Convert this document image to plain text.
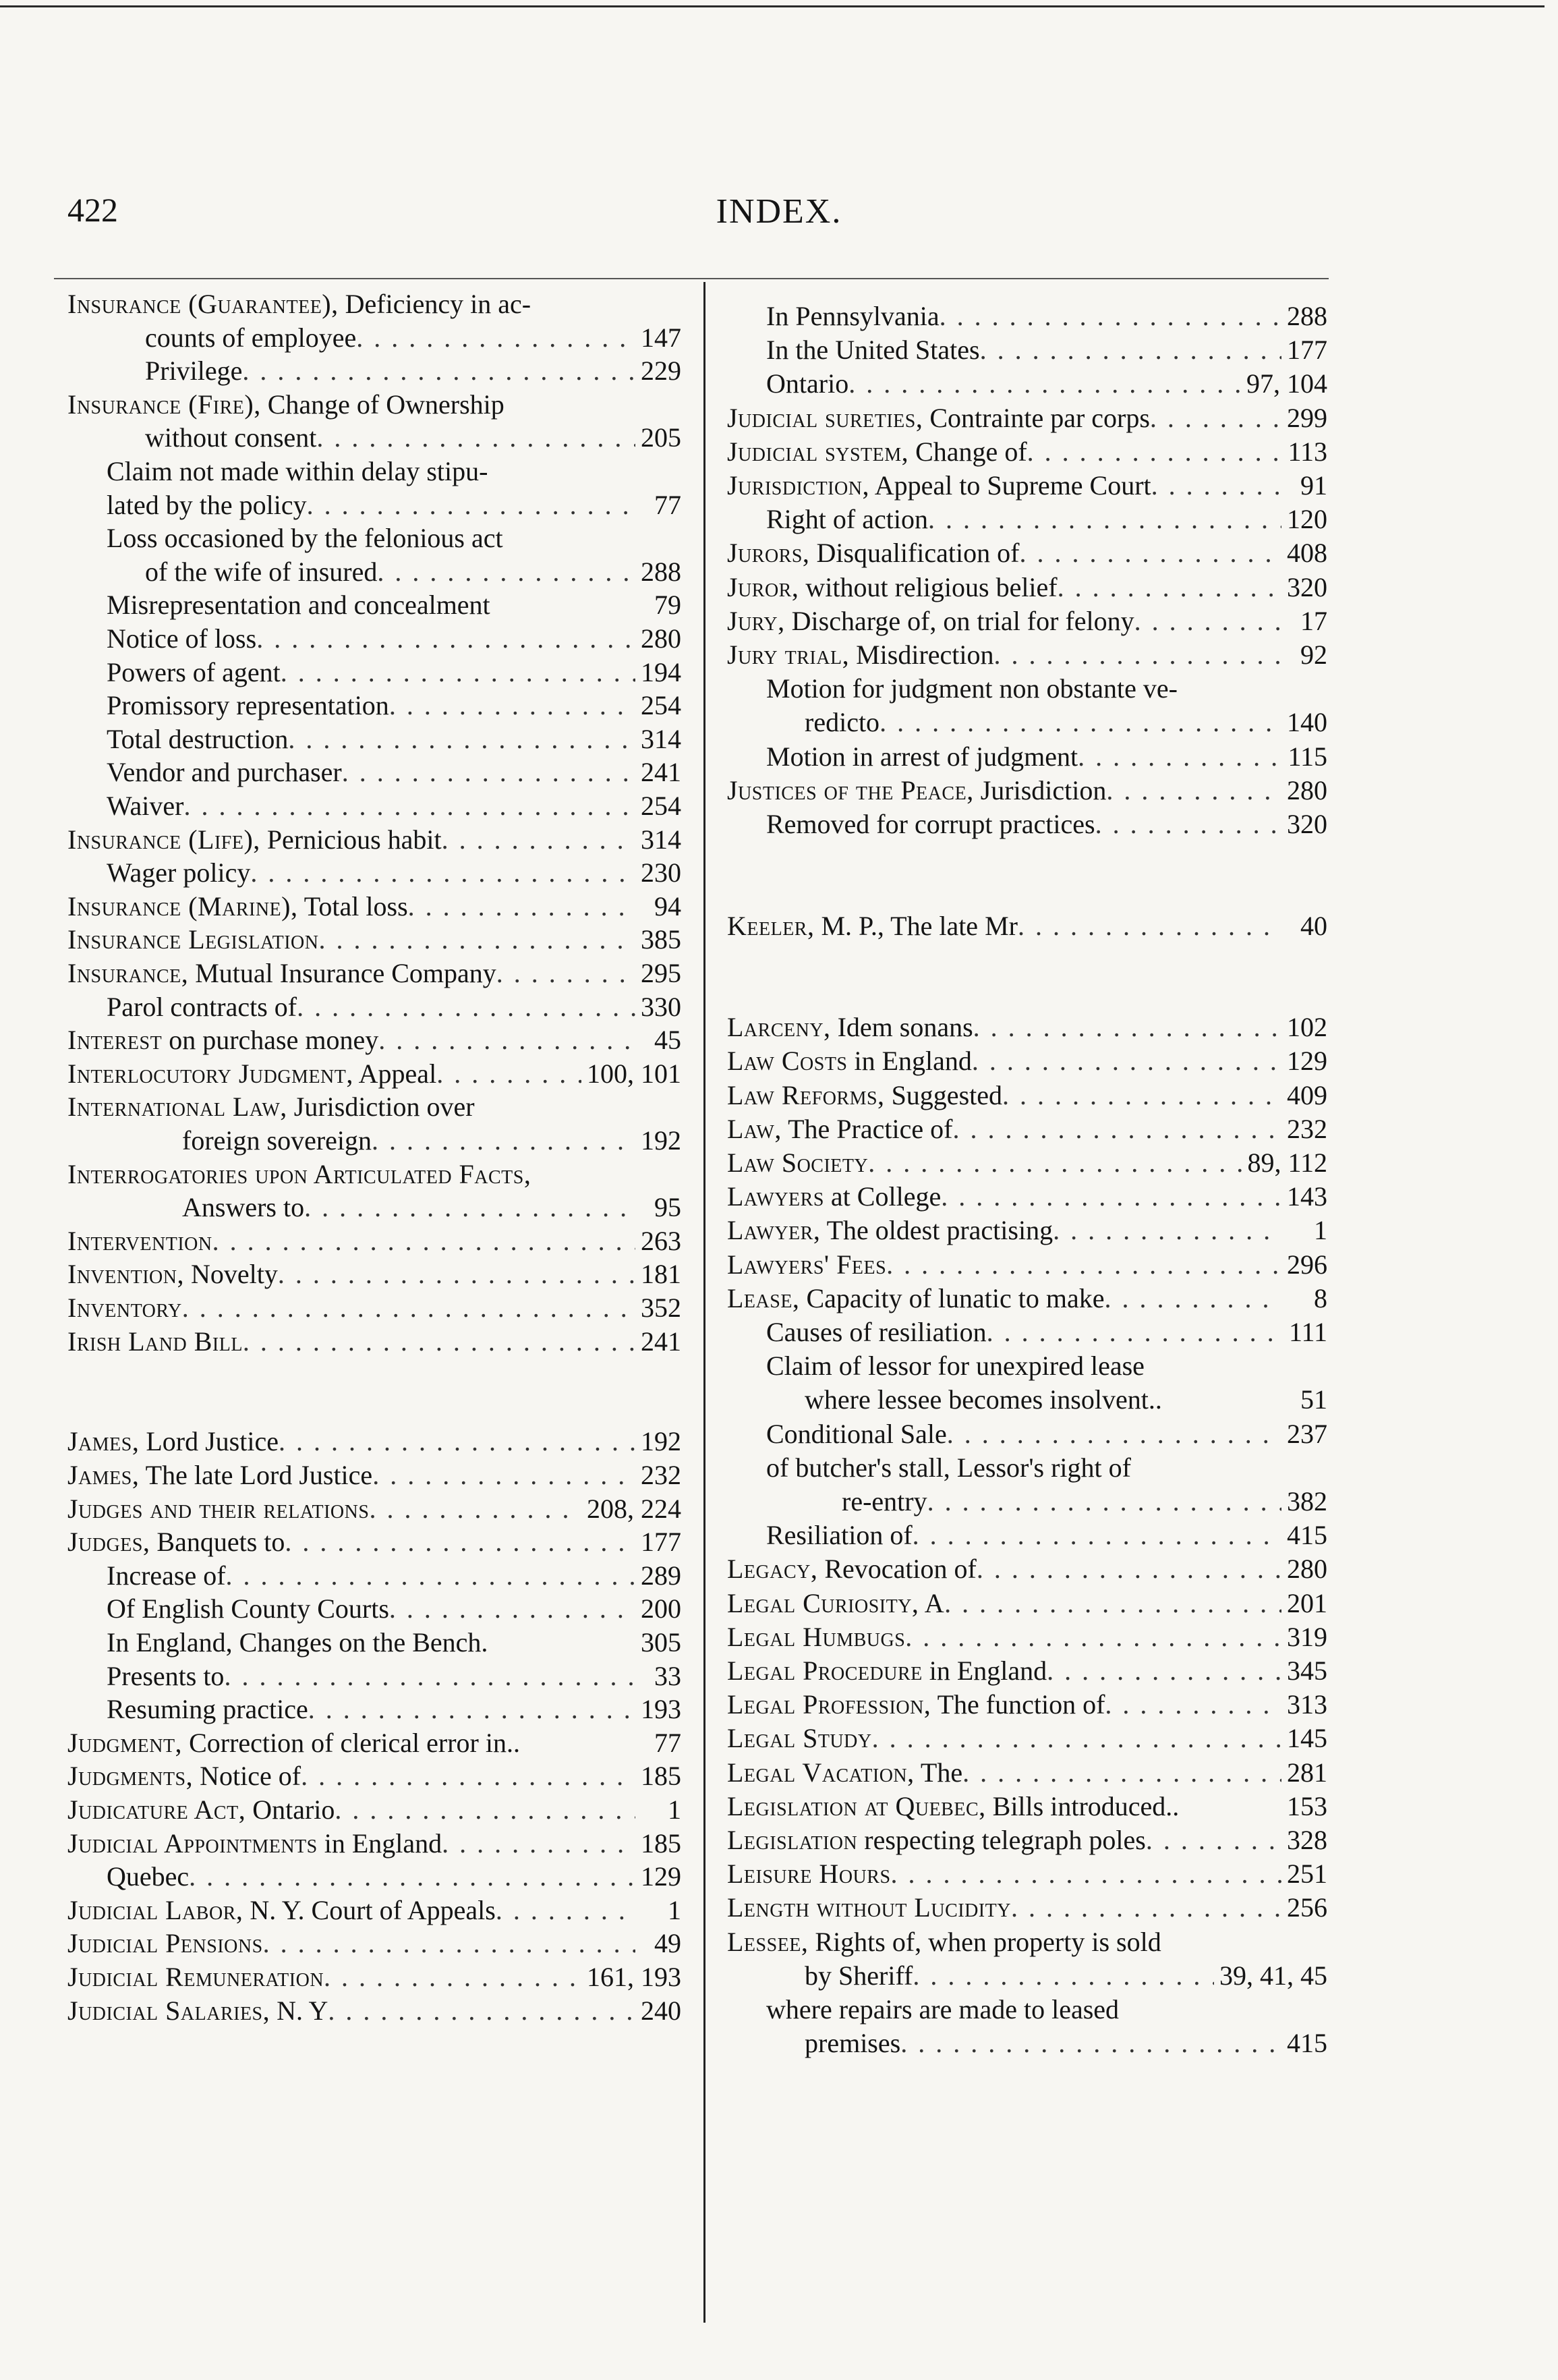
422	INDEX.
Insurance (Guarantee), Deficiency in ac-
counts of employee . . .	147
Privilege . . .	229
Insurance (Fire), Change of Ownership
without consent . . .	205
Claim not made within delay stipu-
lated by the policy . . .	77
Loss occasioned by the felonious act
of the wife of insured . . .	288
Misrepresentation and concealment	79
Notice of loss . . .	280
Powers of agent . . .	194
Promissory representation . . .	254
Total destruction . . .	314
Vendor and purchaser . . .	241
Waiver . . .	254
Insurance (Life), Pernicious habit . . .	314
Wager policy . . .	230
Insurance (Marine), Total loss . . .	94
Insurance Legislation . . .	385
Insurance, Mutual Insurance Company . . .	295
Parol contracts of . . .	330
Interest on purchase money . . .	45
Interlocutory Judgment, Appeal . . .	100, 101
International Law, Jurisdiction over
foreign sovereign . . .	192
Interrogatories upon Articulated Facts,
Answers to . . .	95
Intervention . . .	263
Invention, Novelty . . .	181
Inventory . . .	352
Irish Land Bill . . .	241
James, Lord Justice . . .	192
James, The late Lord Justice . . .	232
Judges and their relations . . .	208, 224
Judges, Banquets to . . .	177
Increase of . . .	289
Of English County Courts . . .	200
In England, Changes on the Bench.	305
Presents to . . .	33
Resuming practice . . .	193
Judgment, Correction of clerical error in..	77
Judgments, Notice of . . .	185
Judicature Act, Ontario . . .	1
Judicial Appointments in England . . .	185
Quebec . . .	129
Judicial Labor, N. Y. Court of Appeals . . .	1
Judicial Pensions . . .	49
Judicial Remuneration . . .	161, 193
Judicial Salaries, N. Y . . .	240
In Pennsylvania . . .	288
In the United States . . .	177
Ontario . . .	97, 104
Judicial sureties, Contrainte par corps . . .	299
Judicial system, Change of . . .	113
Jurisdiction, Appeal to Supreme Court . . .	91
Right of action . . .	120
Jurors, Disqualification of . . .	408
Juror, without religious belief . . .	320
Jury, Discharge of, on trial for felony . . .	17
Jury trial, Misdirection . . .	92
Motion for judgment non obstante ve-
redicto . . .	140
Motion in arrest of judgment . . .	115
Justices of the Peace, Jurisdiction . . .	280
Removed for corrupt practices . . .	320
Keeler, M. P., The late Mr . . .	40
Larceny, Idem sonans . . .	102
Law Costs in England . . .	129
Law Reforms, Suggested . . .	409
Law, The Practice of . . .	232
Law Society . . .	89, 112
Lawyers at College . . .	143
Lawyer, The oldest practising . . .	1
Lawyers' Fees . . .	296
Lease, Capacity of lunatic to make . . .	8
Causes of resiliation . . .	111
Claim of lessor for unexpired lease
where lessee becomes insolvent..	51
Conditional Sale . . .	237
of butcher's stall, Lessor's right of
re-entry . . .	382
Resiliation of . . .	415
Legacy, Revocation of . . .	280
Legal Curiosity, A . . .	201
Legal Humbugs . . .	319
Legal Procedure in England . . .	345
Legal Profession, The function of . . .	313
Legal Study . . .	145
Legal Vacation, The . . .	281
Legislation at Quebec, Bills introduced..	153
Legislation respecting telegraph poles . . .	328
Leisure Hours . . .	251
Length without Lucidity . . .	256
Lessee, Rights of, when property is sold
by Sheriff . . .	39, 41, 45
where repairs are made to leased
premises . . .	415
